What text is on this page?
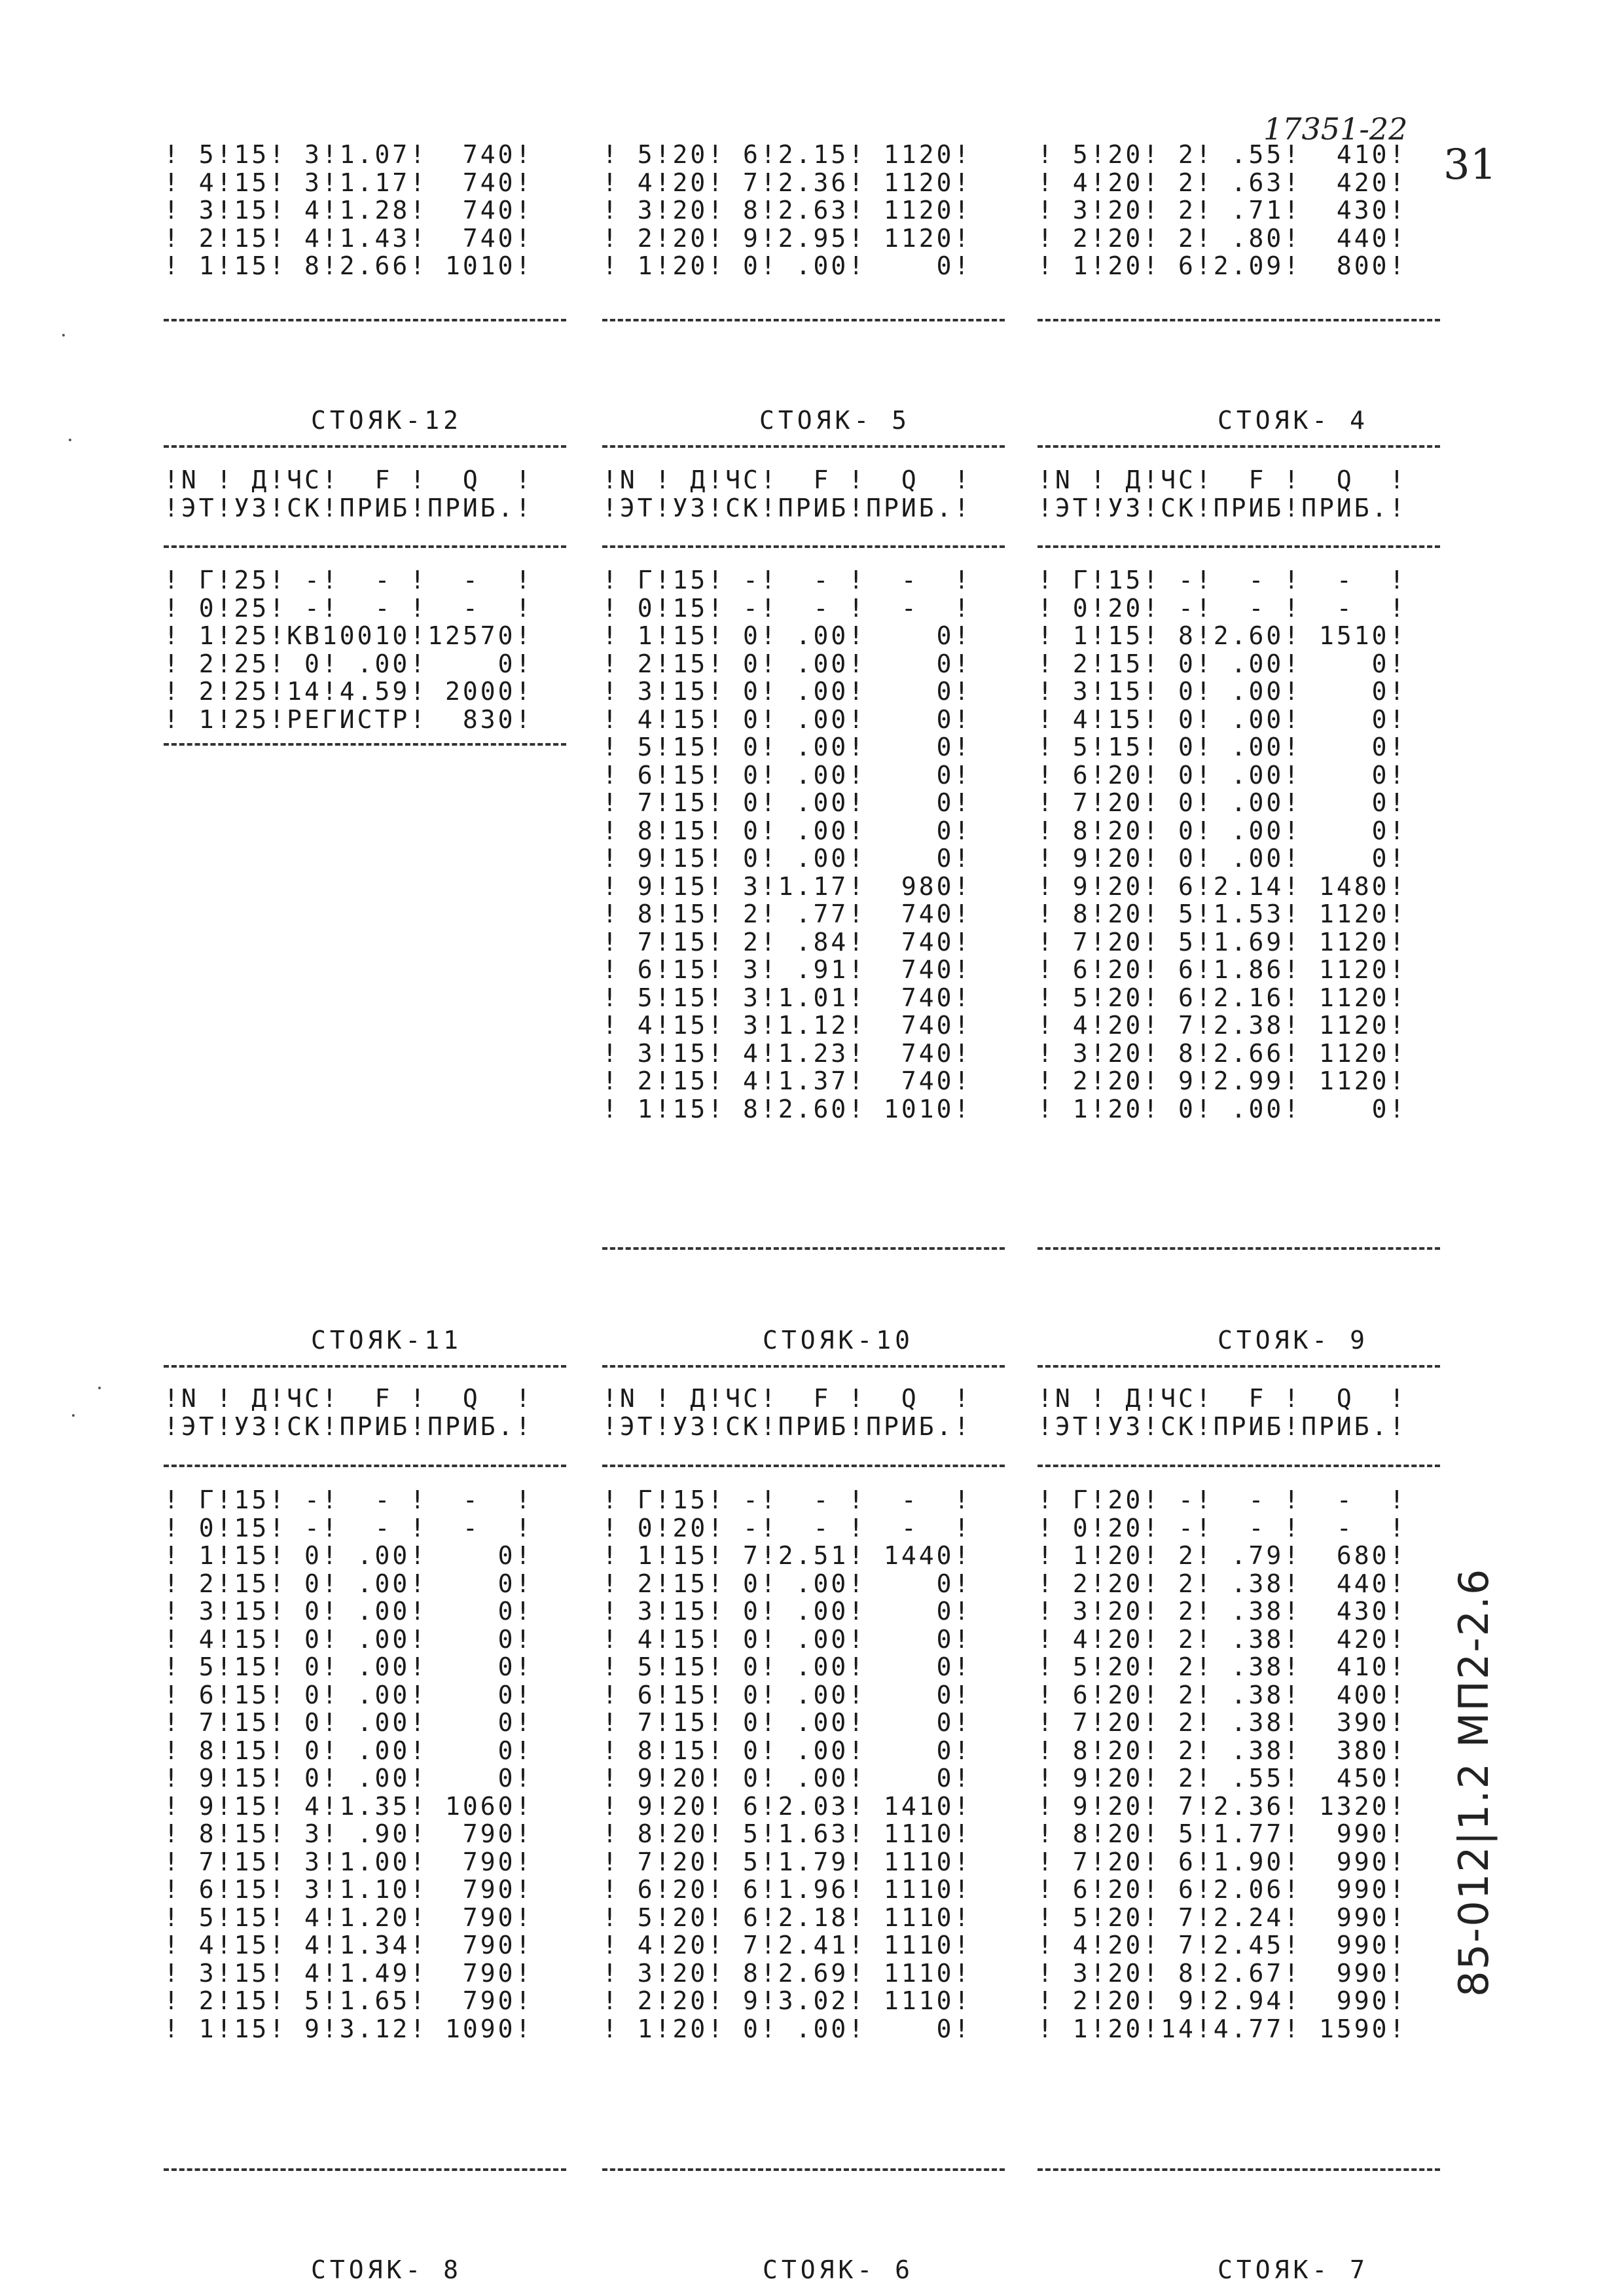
17351-22
31
! 5!15! 3!1.07!  740!
! 4!15! 3!1.17!  740!
! 3!15! 4!1.28!  740!
! 2!15! 4!1.43!  740!
! 1!15! 8!2.66! 1010!
! 5!20! 6!2.15! 1120!
! 4!20! 7!2.36! 1120!
! 3!20! 8!2.63! 1120!
! 2!20! 9!2.95! 1120!
! 1!20! 0! .00!    0!
! 5!20! 2! .55!  410!
! 4!20! 2! .63!  420!
! 3!20! 2! .71!  430!
! 2!20! 2! .80!  440!
! 1!20! 6!2.09!  800!
СТОЯК-12
!N ! Д!ЧС!  F !  Q  !
!ЭТ!УЗ!СК!ПРИБ!ПРИБ.!
! Г!25! -!  - !  -  !
! 0!25! -!  - !  -  !
! 1!25!КВ10010!12570!
! 2!25! 0! .00!    0!
! 2!25!14!4.59! 2000!
! 1!25!РЕГИСТР!  830!
СТОЯК- 5
!N ! Д!ЧС!  F !  Q  !
!ЭТ!УЗ!СК!ПРИБ!ПРИБ.!
! Г!15! -!  - !  -  !
! 0!15! -!  - !  -  !
! 1!15! 0! .00!    0!
! 2!15! 0! .00!    0!
! 3!15! 0! .00!    0!
! 4!15! 0! .00!    0!
! 5!15! 0! .00!    0!
! 6!15! 0! .00!    0!
! 7!15! 0! .00!    0!
! 8!15! 0! .00!    0!
! 9!15! 0! .00!    0!
! 9!15! 3!1.17!  980!
! 8!15! 2! .77!  740!
! 7!15! 2! .84!  740!
! 6!15! 3! .91!  740!
! 5!15! 3!1.01!  740!
! 4!15! 3!1.12!  740!
! 3!15! 4!1.23!  740!
! 2!15! 4!1.37!  740!
! 1!15! 8!2.60! 1010!
СТОЯК- 4
!N ! Д!ЧС!  F !  Q  !
!ЭТ!УЗ!СК!ПРИБ!ПРИБ.!
! Г!15! -!  - !  -  !
! 0!20! -!  - !  -  !
! 1!15! 8!2.60! 1510!
! 2!15! 0! .00!    0!
! 3!15! 0! .00!    0!
! 4!15! 0! .00!    0!
! 5!15! 0! .00!    0!
! 6!20! 0! .00!    0!
! 7!20! 0! .00!    0!
! 8!20! 0! .00!    0!
! 9!20! 0! .00!    0!
! 9!20! 6!2.14! 1480!
! 8!20! 5!1.53! 1120!
! 7!20! 5!1.69! 1120!
! 6!20! 6!1.86! 1120!
! 5!20! 6!2.16! 1120!
! 4!20! 7!2.38! 1120!
! 3!20! 8!2.66! 1120!
! 2!20! 9!2.99! 1120!
! 1!20! 0! .00!    0!
СТОЯК-11
!N ! Д!ЧС!  F !  Q  !
!ЭТ!УЗ!СК!ПРИБ!ПРИБ.!
! Г!15! -!  - !  -  !
! 0!15! -!  - !  -  !
! 1!15! 0! .00!    0!
! 2!15! 0! .00!    0!
! 3!15! 0! .00!    0!
! 4!15! 0! .00!    0!
! 5!15! 0! .00!    0!
! 6!15! 0! .00!    0!
! 7!15! 0! .00!    0!
! 8!15! 0! .00!    0!
! 9!15! 0! .00!    0!
! 9!15! 4!1.35! 1060!
! 8!15! 3! .90!  790!
! 7!15! 3!1.00!  790!
! 6!15! 3!1.10!  790!
! 5!15! 4!1.20!  790!
! 4!15! 4!1.34!  790!
! 3!15! 4!1.49!  790!
! 2!15! 5!1.65!  790!
! 1!15! 9!3.12! 1090!
СТОЯК-10
!N ! Д!ЧС!  F !  Q  !
!ЭТ!УЗ!СК!ПРИБ!ПРИБ.!
! Г!15! -!  - !  -  !
! 0!20! -!  - !  -  !
! 1!15! 7!2.51! 1440!
! 2!15! 0! .00!    0!
! 3!15! 0! .00!    0!
! 4!15! 0! .00!    0!
! 5!15! 0! .00!    0!
! 6!15! 0! .00!    0!
! 7!15! 0! .00!    0!
! 8!15! 0! .00!    0!
! 9!20! 0! .00!    0!
! 9!20! 6!2.03! 1410!
! 8!20! 5!1.63! 1110!
! 7!20! 5!1.79! 1110!
! 6!20! 6!1.96! 1110!
! 5!20! 6!2.18! 1110!
! 4!20! 7!2.41! 1110!
! 3!20! 8!2.69! 1110!
! 2!20! 9!3.02! 1110!
! 1!20! 0! .00!    0!
СТОЯК- 9
!N ! Д!ЧС!  F !  Q  !
!ЭТ!УЗ!СК!ПРИБ!ПРИБ.!
! Г!20! -!  - !  -  !
! 0!20! -!  - !  -  !
! 1!20! 2! .79!  680!
! 2!20! 2! .38!  440!
! 3!20! 2! .38!  430!
! 4!20! 2! .38!  420!
! 5!20! 2! .38!  410!
! 6!20! 2! .38!  400!
! 7!20! 2! .38!  390!
! 8!20! 2! .38!  380!
! 9!20! 2! .55!  450!
! 9!20! 7!2.36! 1320!
! 8!20! 5!1.77!  990!
! 7!20! 6!1.90!  990!
! 6!20! 6!2.06!  990!
! 5!20! 7!2.24!  990!
! 4!20! 7!2.45!  990!
! 3!20! 8!2.67!  990!
! 2!20! 9!2.94!  990!
! 1!20!14!4.77! 1590!
СТОЯК- 8	СТОЯК- 6	СТОЯК- 7
85-012|1.2 МП2-2.6
